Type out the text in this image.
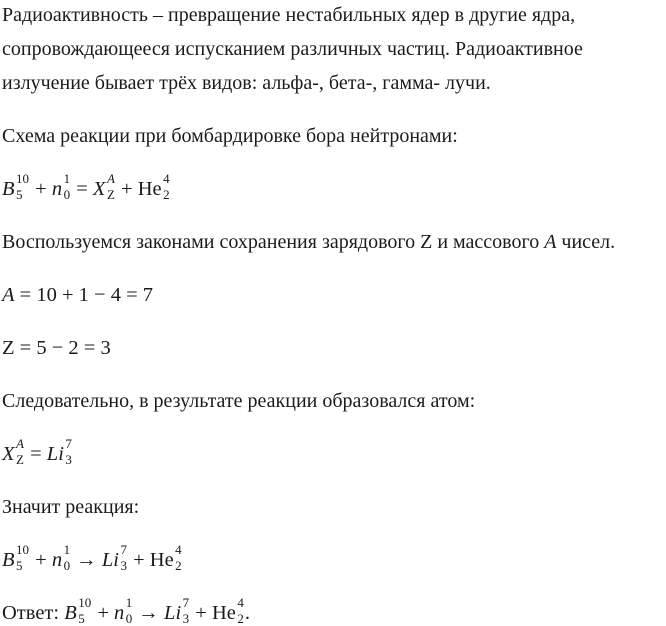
Радиоактивность – превращение нестабильных ядер в другие ядра,
сопровождающееся испусканием различных частиц. Радиоактивное
излучение бывает трёх видов: альфа-, бета-, гамма- лучи.

Схема реакции при бомбардировке бора нейтронами:

B 10
5 + n 1
0 = X A
Z + He 4
2

Воспользуемся законами сохранения зарядового Z и массового A чисел.

A = 10 + 1 − 4 = 7

Z = 5 − 2 = 3

Следовательно, в результате реакции образовался атом:

X A
Z = Li 7
3

Значит реакция:

B 10
5 + n 1
0 → Li 7
3 + He 4
2

Ответ: B 10
5 + n 1
0 → Li 7
3 + He 4
2 .
